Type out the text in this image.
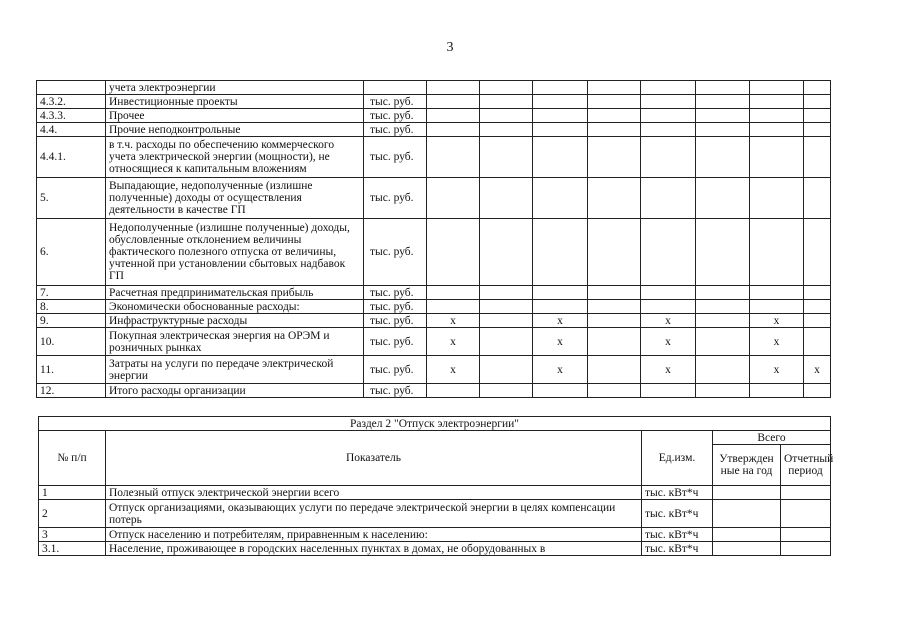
3
	учета электроэнергии									
4.3.2.	Инвестиционные проекты	тыс. руб.								
4.3.3.	Прочее	тыс. руб.								
4.4.	Прочие неподконтрольные	тыс. руб.								
4.4.1.	в т.ч. расходы по обеспечению коммерческого учета электрической энергии (мощности), не относящиеся к капитальным вложениям	тыс. руб.								
5.	Выпадающие, недополученные (излишне полученные) доходы от осуществления деятельности в качестве ГП	тыс. руб.								
6.	Недополученные (излишне полученные) доходы, обусловленные отклонением величины фактического полезного отпуска от величины, учтенной при установлении сбытовых надбавок ГП	тыс. руб.								
7.	Расчетная предпринимательская прибыль	тыс. руб.								
8.	Экономически обоснованные расходы:	тыс. руб.								
9.	Инфраструктурные расходы	тыс. руб.	х		х		х		х	
10.	Покупная электрическая энергия на ОРЭМ и розничных рынках	тыс. руб.	х		х		х		х	
11.	Затраты на услуги по передаче электрической энергии	тыс. руб.	х		х		х		х	х
12.	Итого расходы организации	тыс. руб.								
Раздел 2 "Отпуск электроэнергии"				
№ п/п	Показатель	Ед.изм.	Всего	
			Утвержден ные на год	Отчетный период
1	Полезный отпуск электрической энергии всего	тыс. кВт*ч		
2	Отпуск организациями, оказывающих услуги по передаче электрической энергии в целях компенсации потерь	тыс. кВт*ч		
3	Отпуск населению и потребителям, приравненным к населению:	тыс. кВт*ч		
3.1.	Население, проживающее в городских населенных пунктах в домах, не оборудованных в	тыс. кВт*ч		
